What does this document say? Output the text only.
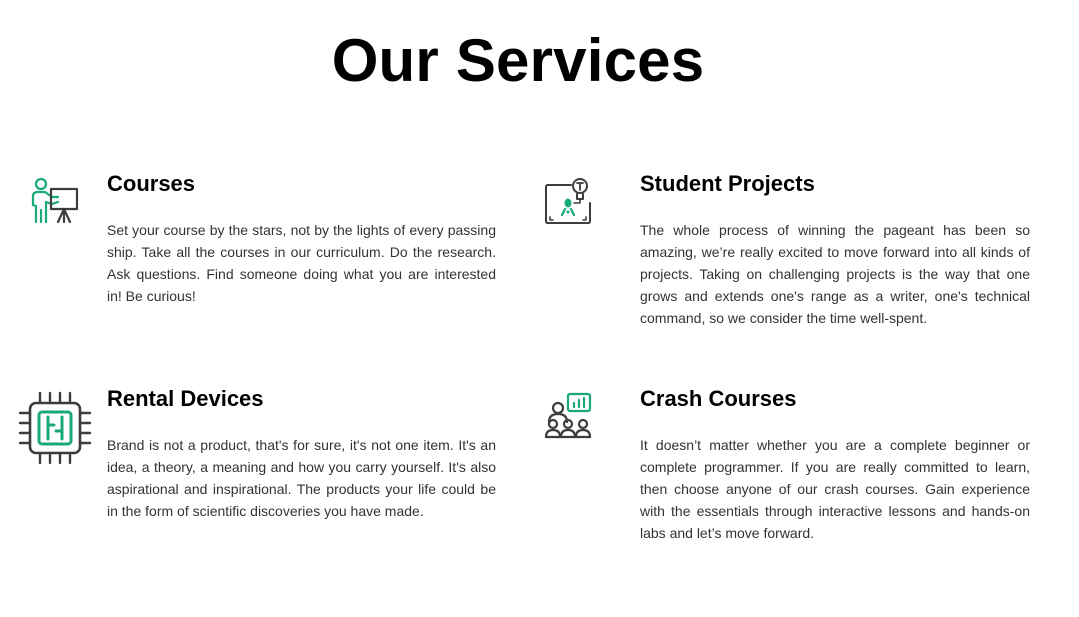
Our Services
Courses

Set your course by the stars, not by the lights of every passing ship. Take all the courses in our curriculum. Do the research. Ask questions. Find someone doing what you are interested in! Be curious!

Student Projects

The whole process of winning the pageant has been so amazing, we’re really excited to move forward into all kinds of projects. Taking on challenging projects is the way that one grows and extends one's range as a writer, one's technical command, so we consider the time well-spent.

Rental Devices

Brand is not a product, that's for sure, it's not one item. It's an idea, a theory, a meaning and how you carry yourself. It's also aspirational and inspirational. The products your life could be in the form of scientific discoveries you have made.

Crash Courses

It doesn’t matter whether you are a complete beginner or complete programmer. If you are really committed to learn, then choose anyone of our crash courses. Gain experience with the essentials through interactive lessons and hands-on labs and let’s move forward.
